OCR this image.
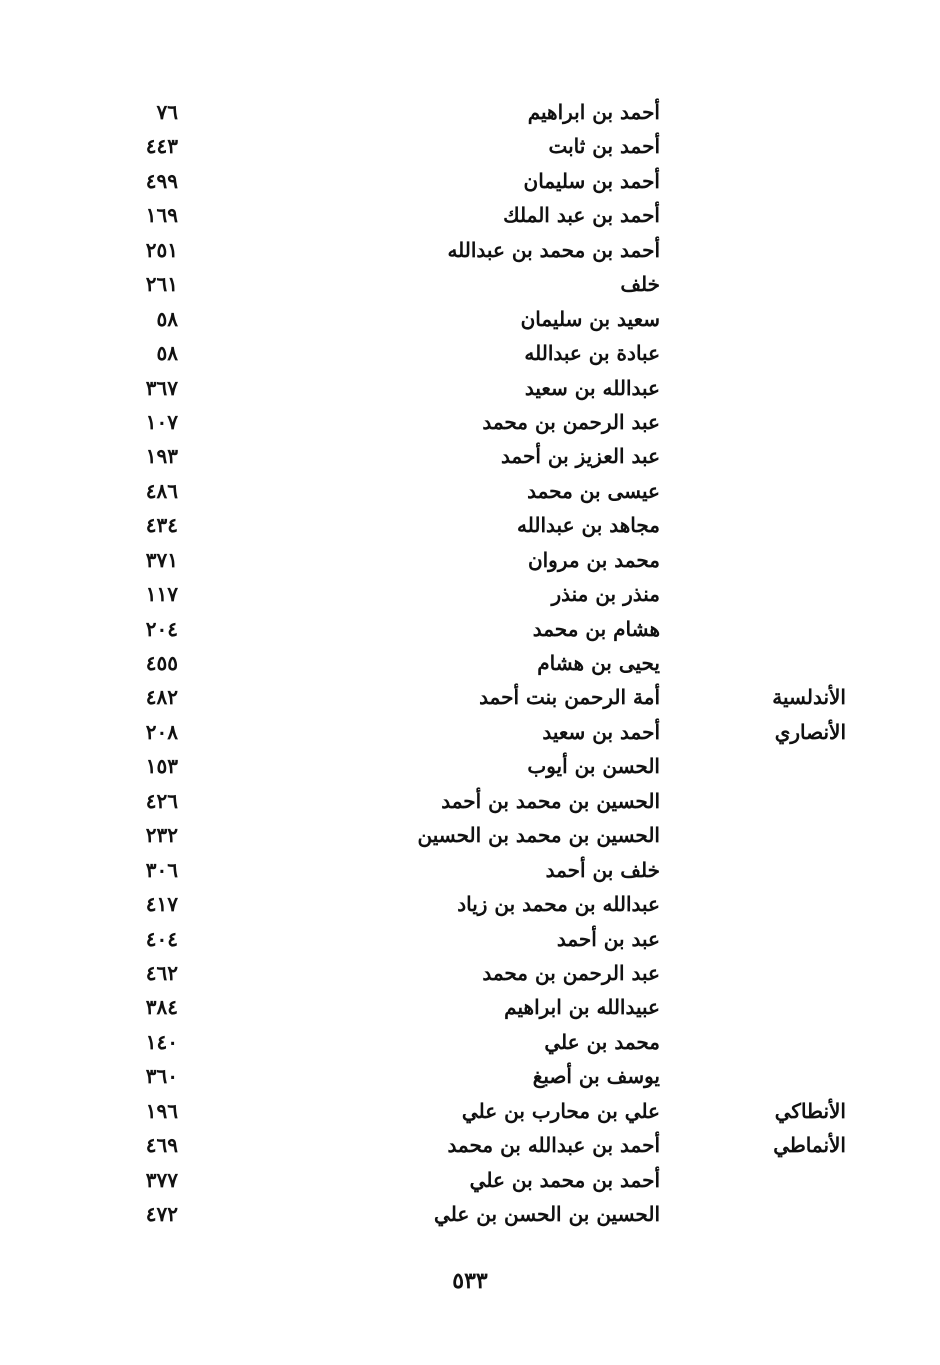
أحمد بن ابراهيم
٧٦
أحمد بن ثابت
٤٤٣
أحمد بن سليمان
٤٩٩
أحمد بن عبد الملك
١٦٩
أحمد بن محمد بن عبدالله
٢٥١
خلف
٢٦١
سعيد بن سليمان
٥٨
عبادة بن عبدالله
٥٨
عبدالله بن سعيد
٣٦٧
عبد الرحمن بن محمد
١٠٧
عبد العزيز بن أحمد
١٩٣
عيسى بن محمد
٤٨٦
مجاهد بن عبدالله
٤٣٤
محمد بن مروان
٣٧١
منذر بن منذر
١١٧
هشام بن محمد
٢٠٤
يحيى بن هشام
٤٥٥
الأندلسية
أمة الرحمن بنت أحمد
٤٨٢
الأنصاري
أحمد بن سعيد
٢٠٨
الحسن بن أيوب
١٥٣
الحسين بن محمد بن أحمد
٤٢٦
الحسين بن محمد بن الحسين
٢٣٢
خلف بن أحمد
٣٠٦
عبدالله بن محمد بن زياد
٤١٧
عبد بن أحمد
٤٠٤
عبد الرحمن بن محمد
٤٦٢
عبيدالله بن ابراهيم
٣٨٤
محمد بن علي
١٤٠
يوسف بن أصبغ
٣٦٠
الأنطاكي
علي بن محارب بن علي
١٩٦
الأنماطي
أحمد بن عبدالله بن محمد
٤٦٩
أحمد بن محمد بن علي
٣٧٧
الحسين بن الحسن بن علي
٤٧٢
٥٣٣
